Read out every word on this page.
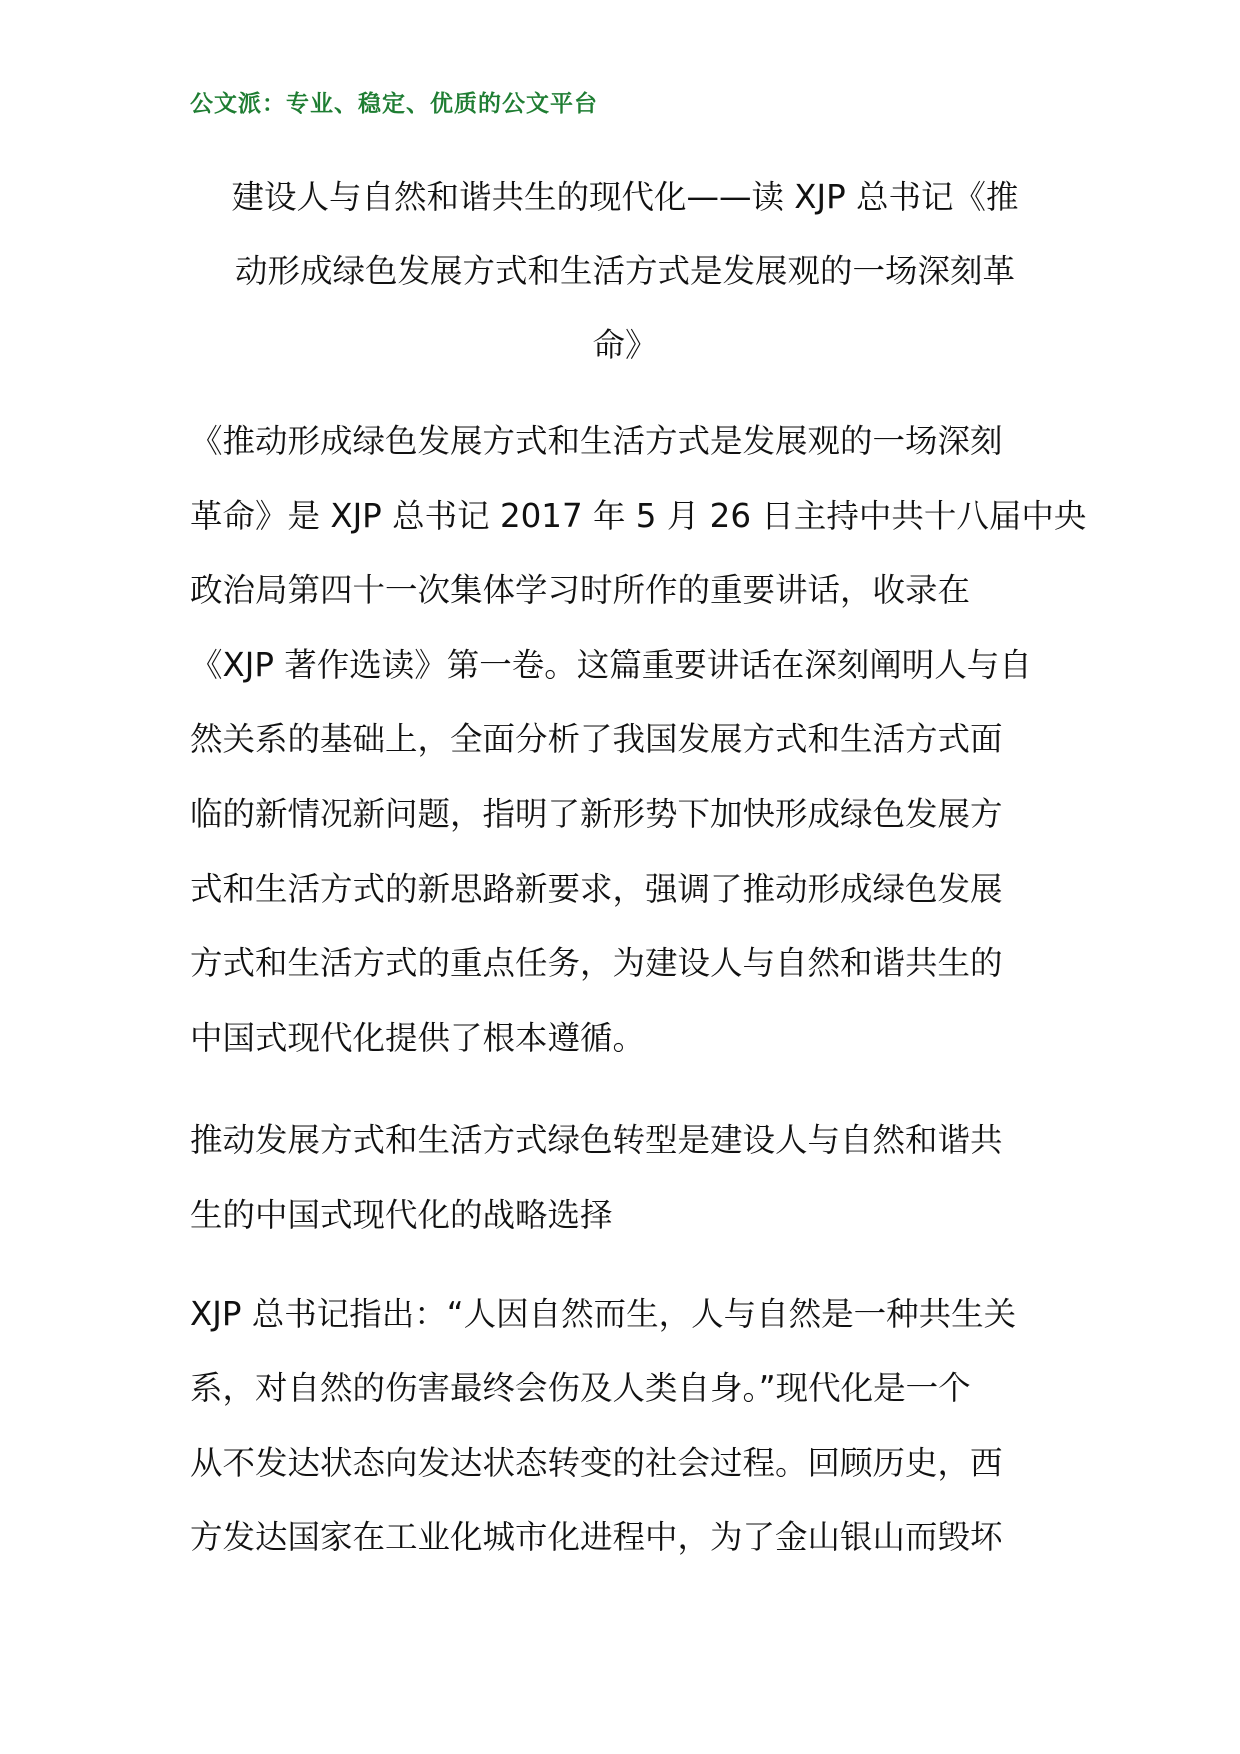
公文派：专业、稳定、优质的公文平台
建设人与自然和谐共生的现代化——读 XJP 总书记《推
动形成绿色发展方式和生活方式是发展观的一场深刻革
命》

《推动形成绿色发展方式和生活方式是发展观的一场深刻
革命》是 XJP 总书记 2017 年 5 月 26 日主持中共十八届中央
政治局第四十一次集体学习时所作的重要讲话，收录在
《XJP 著作选读》第一卷。这篇重要讲话在深刻阐明人与自
然关系的基础上，全面分析了我国发展方式和生活方式面
临的新情况新问题，指明了新形势下加快形成绿色发展方
式和生活方式的新思路新要求，强调了推动形成绿色发展
方式和生活方式的重点任务，为建设人与自然和谐共生的
中国式现代化提供了根本遵循。

推动发展方式和生活方式绿色转型是建设人与自然和谐共
生的中国式现代化的战略选择

XJP 总书记指出：“人因自然而生，人与自然是一种共生关
系，对自然的伤害最终会伤及人类自身。”现代化是一个
从不发达状态向发达状态转变的社会过程。回顾历史，西
方发达国家在工业化城市化进程中，为了金山银山而毁坏
